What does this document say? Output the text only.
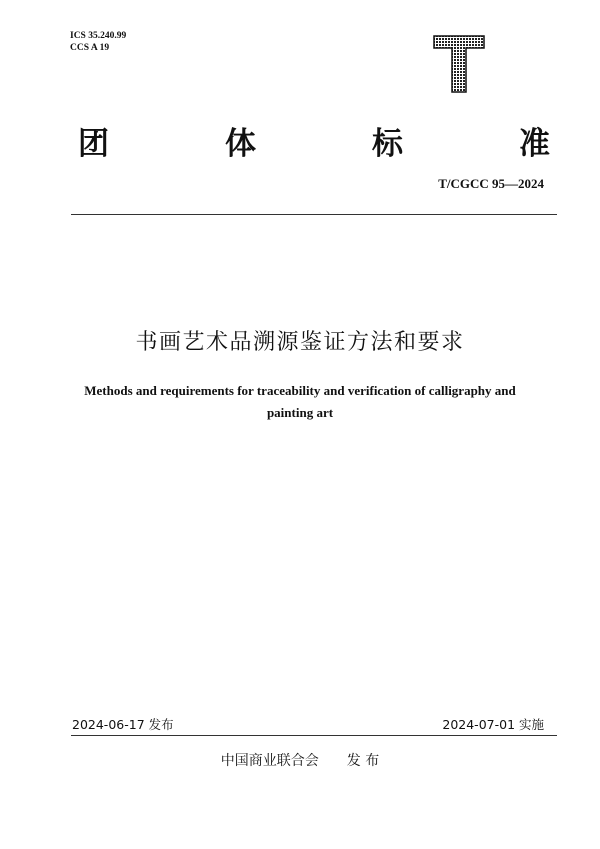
ICS 35.240.99
CCS A 19
团	体	标	准
T/CGCC 95—2024
书画艺术品溯源鉴证方法和要求
Methods and requirements for traceability and verification of calligraphy and painting art
2024-06-17 发布	2024-07-01 实施
中国商业联合会 发 布
